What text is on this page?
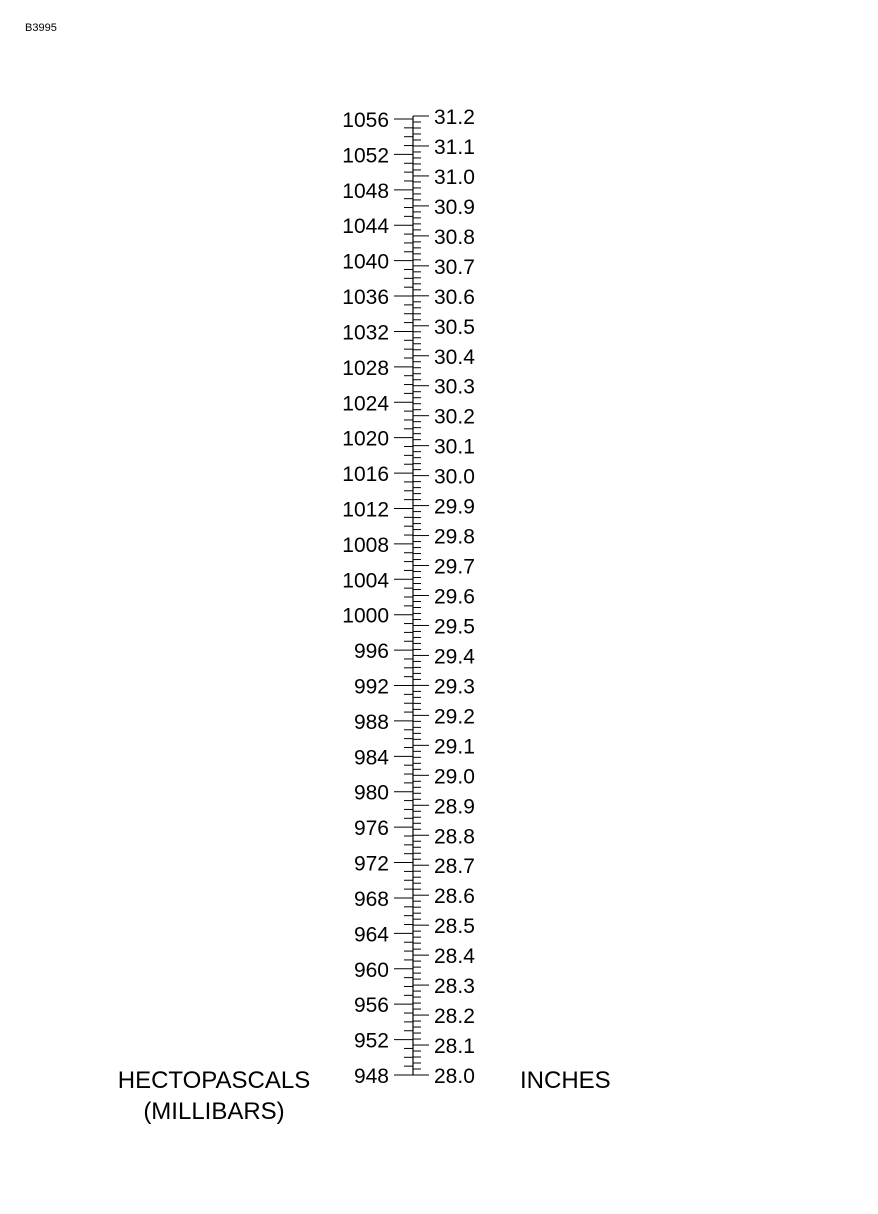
B3995
1056
1052
1048
1044
1040
1036
1032
1028
1024
1020
1016
1012
1008
1004
1000
996
992
988
984
980
976
972
968
964
960
956
952
948
31.2
31.1
31.0
30.9
30.8
30.7
30.6
30.5
30.4
30.3
30.2
30.1
30.0
29.9
29.8
29.7
29.6
29.5
29.4
29.3
29.2
29.1
29.0
28.9
28.8
28.7
28.6
28.5
28.4
28.3
28.2
28.1
28.0
HECTOPASCALS
(MILLIBARS)
INCHES
